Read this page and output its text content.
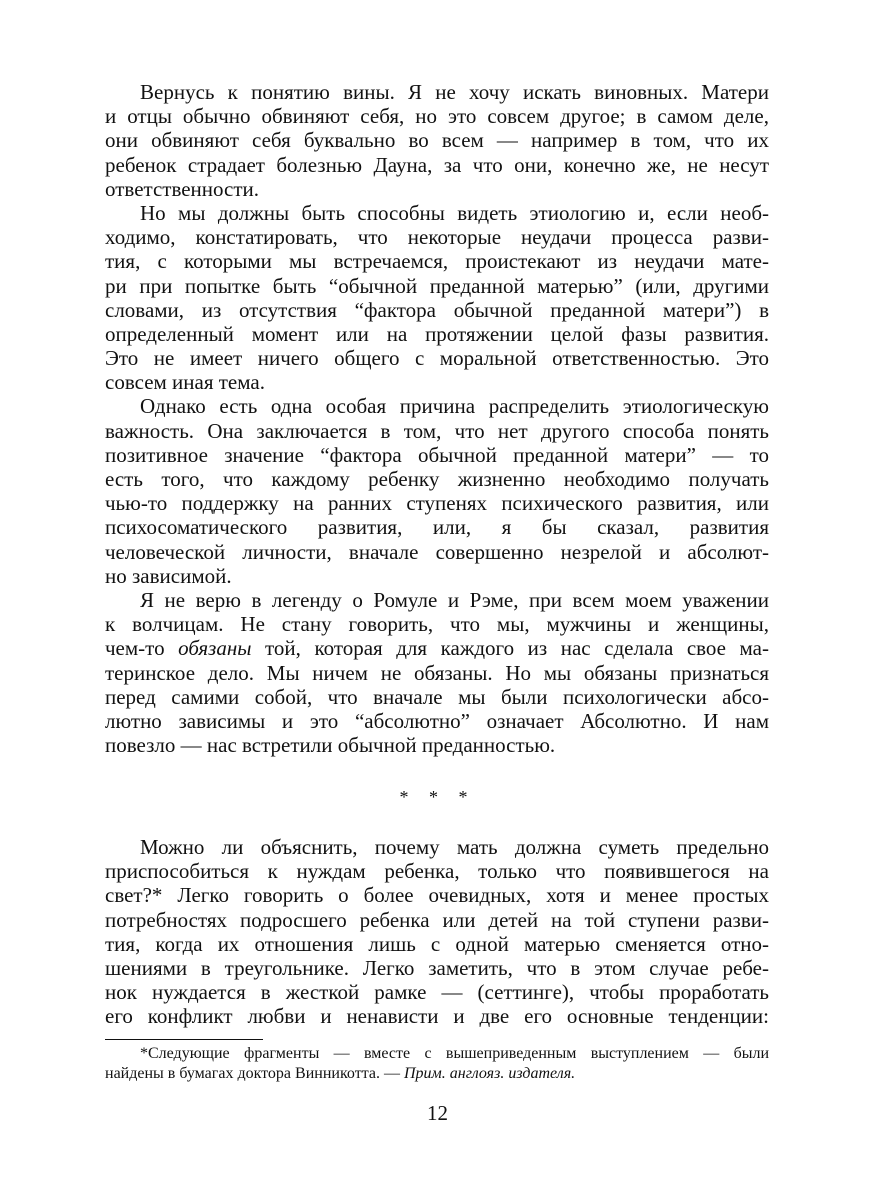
Вернусь к понятию вины. Я не хочу искать виновных. Матери
и отцы обычно обвиняют себя, но это совсем другое; в самом деле,
они обвиняют себя буквально во всем — например в том, что их
ребенок страдает болезнью Дауна, за что они, конечно же, не несут
ответственности.
Но мы должны быть способны видеть этиологию и, если необ-
ходимо, констатировать, что некоторые неудачи процесса разви-
тия, с которыми мы встречаемся, проистекают из неудачи мате-
ри при попытке быть “обычной преданной матерью” (или, другими
словами, из отсутствия “фактора обычной преданной матери”) в
определенный момент или на протяжении целой фазы развития.
Это не имеет ничего общего с моральной ответственностью. Это
совсем иная тема.
Однако есть одна особая причина распределить этиологическую
важность. Она заключается в том, что нет другого способа понять
позитивное значение “фактора обычной преданной матери” — то
есть того, что каждому ребенку жизненно необходимо получать
чью-то поддержку на ранних ступенях психического развития, или
психосоматического развития, или, я бы сказал, развития
человеческой личности, вначале совершенно незрелой и абсолют-
но зависимой.
Я не верю в легенду о Ромуле и Рэме, при всем моем уважении
к волчицам. Не стану говорить, что мы, мужчины и женщины,
чем-то обязаны той, которая для каждого из нас сделала свое ма-
теринское дело. Мы ничем не обязаны. Но мы обязаны признаться
перед самими собой, что вначале мы были психологически абсо-
лютно зависимы и это “абсолютно” означает Абсолютно. И нам
повезло — нас встретили обычной преданностью.
* * *
Можно ли объяснить, почему мать должна суметь предельно
приспособиться к нуждам ребенка, только что появившегося на
свет?* Легко говорить о более очевидных, хотя и менее простых
потребностях подросшего ребенка или детей на той ступени разви-
тия, когда их отношения лишь с одной матерью сменяется отно-
шениями в треугольнике. Легко заметить, что в этом случае ребе-
нок нуждается в жесткой рамке — (сеттинге), чтобы проработать
его конфликт любви и ненависти и две его основные тенденции:
*Следующие фрагменты — вместе с вышеприведенным выступлением — были
найдены в бумагах доктора Винникотта. — Прим. англояз. издателя.
12
